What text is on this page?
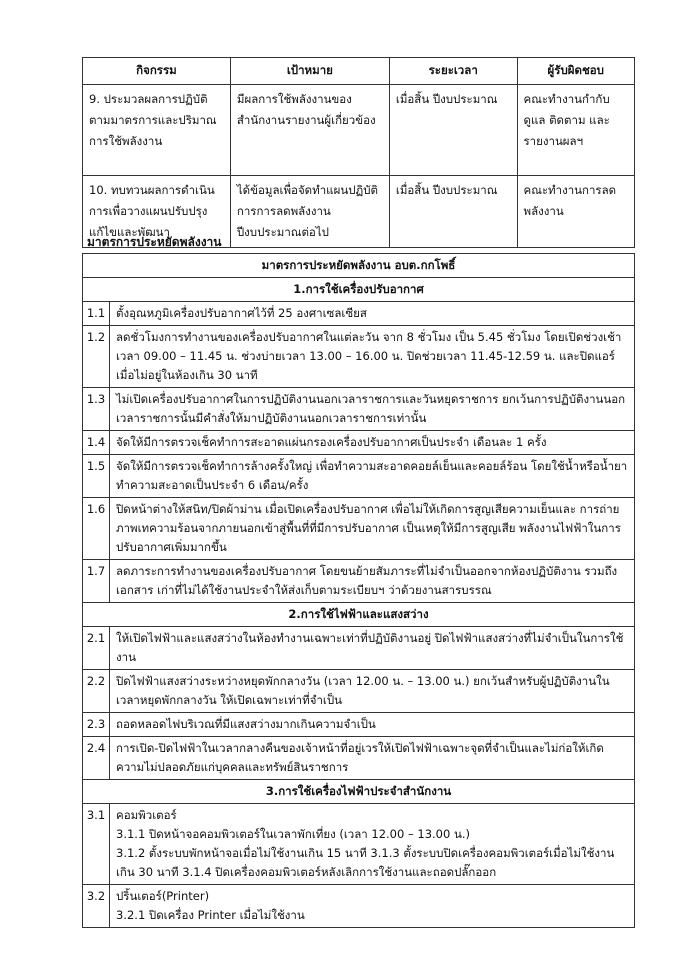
กิจกรรม	เป้าหมาย	ระยะเวลา	ผู้รับผิดชอบ
9. ประมวลผลการปฏิบัติตามมาตรการและปริมาณการใช้พลังงาน	มีผลการใช้พลังงานของสำนักงานรายงานผู้เกี่ยวข้อง	เมื่อสิ้น ปีงบประมาณ	คณะทำงานกำกับดูแล ติดตาม และรายงานผลฯ
10. ทบทวนผลการดำเนินการเพื่อวางแผนปรับปรุง แก้ไขและพัฒนา	ได้ข้อมูลเพื่อจัดทำแผนปฏิบัติ การการลดพลังงาน ปีงบประมาณต่อไป	เมื่อสิ้น ปีงบประมาณ	คณะทำงานการลดพลังงาน
มาตรการประหยัดพลังงาน
มาตรการประหยัดพลังงาน อบต.กกโพธิ์	
1.การใช้เครื่องปรับอากาศ	
1.1	ตั้งอุณหภูมิเครื่องปรับอากาศไว้ที่ 25 องศาเซลเซียส

1.2	ลดชั่วโมงการทำงานของเครื่องปรับอากาศในแต่ละวัน จาก 8 ชั่วโมง เป็น 5.45 ชั่วโมง โดยเปิดช่วงเช้าเวลา 09.00 – 11.45 น. ช่วงบ่ายเวลา 13.00 – 16.00 น. ปิดช่วยเวลา 11.45-12.59 น. และปิดแอร์ เมื่อไม่อยู่ในห้องเกิน 30 นาที

1.3	ไม่เปิดเครื่องปรับอากาศในการปฏิบัติงานนอกเวลาราชการและวันหยุดราชการ ยกเว้นการปฏิบัติงานนอกเวลาราชการนั้นมีคำสั่งให้มาปฏิบัติงานนอกเวลาราชการเท่านั้น

1.4	จัดให้มีการตรวจเช็คทำการสะอาดแผ่นกรองเครื่องปรับอากาศเป็นประจำ เดือนละ 1 ครั้ง

1.5	จัดให้มีการตรวจเช็คทำการล้างครั้งใหญ่ เพื่อทำความสะอาดคอยล์เย็นและคอยล์ร้อน โดยใช้น้ำหรือน้ำยาทำความสะอาดเป็นประจำ 6 เดือน/ครั้ง

1.6	ปิดหน้าต่างให้สนิท/ปิดผ้าม่าน เมื่อเปิดเครื่องปรับอากาศ เพื่อไม่ให้เกิดการสูญเสียความเย็นและ การถ่ายภาพเทความร้อนจากภายนอกเข้าสู่พื้นที่ที่มีการปรับอากาศ เป็นเหตุให้มีการสูญเสีย พลังงานไฟฟ้าในการปรับอากาศเพิ่มมากขึ้น

1.7	ลดภาระการทำงานของเครื่องปรับอากาศ โดยขนย้ายสัมภาระที่ไม่จำเป็นออกจากห้องปฏิบัติงาน รวมถึงเอกสาร เก่าที่ไม่ได้ใช้งานประจำให้ส่งเก็บตามระเบียบฯ ว่าด้วยงานสารบรรณ

2.การใช้ไฟฟ้าและแสงสว่าง	
2.1	ให้เปิดไฟฟ้าและแสงสว่างในห้องทำงานเฉพาะเท่าที่ปฏิบัติงานอยู่ ปิดไฟฟ้าแสงสว่างที่ไม่จำเป็นในการใช้งาน

2.2	ปิดไฟฟ้าแสงสว่างระหว่างหยุดพักกลางวัน (เวลา 12.00 น. – 13.00 น.) ยกเว้นสำหรับผู้ปฏิบัติงานในเวลาหยุดพักกลางวัน ให้เปิดเฉพาะเท่าที่จำเป็น

2.3	ถอดหลอดไฟบริเวณที่มีแสงสว่างมากเกินความจำเป็น

2.4	การเปิด-ปิดไฟฟ้าในเวลากลางคืนของเจ้าหน้าที่อยู่เวรให้เปิดไฟฟ้าเฉพาะจุดที่จำเป็นและไม่ก่อให้เกิด ความไม่ปลอดภัยแก่บุคคลและทรัพย์สินราชการ

3.การใช้เครื่องไฟฟ้าประจำสำนักงาน	
3.1	คอมพิวเตอร์
3.1.1 ปิดหน้าจอคอมพิวเตอร์ในเวลาพักเที่ยง (เวลา 12.00 – 13.00 น.)
3.1.2 ตั้งระบบพักหน้าจอเมื่อไม่ใช้งานเกิน 15 นาที 3.1.3 ตั้งระบบปิดเครื่องคอมพิวเตอร์เมื่อไม่ใช้งานเกิน 30 นาที 3.1.4 ปิดเครื่องคอมพิวเตอร์หลังเลิกการใช้งานและถอดปลั๊กออก

3.2	ปริ้นเตอร์(Printer)
3.2.1 ปิดเครื่อง Printer เมื่อไม่ใช้งาน
